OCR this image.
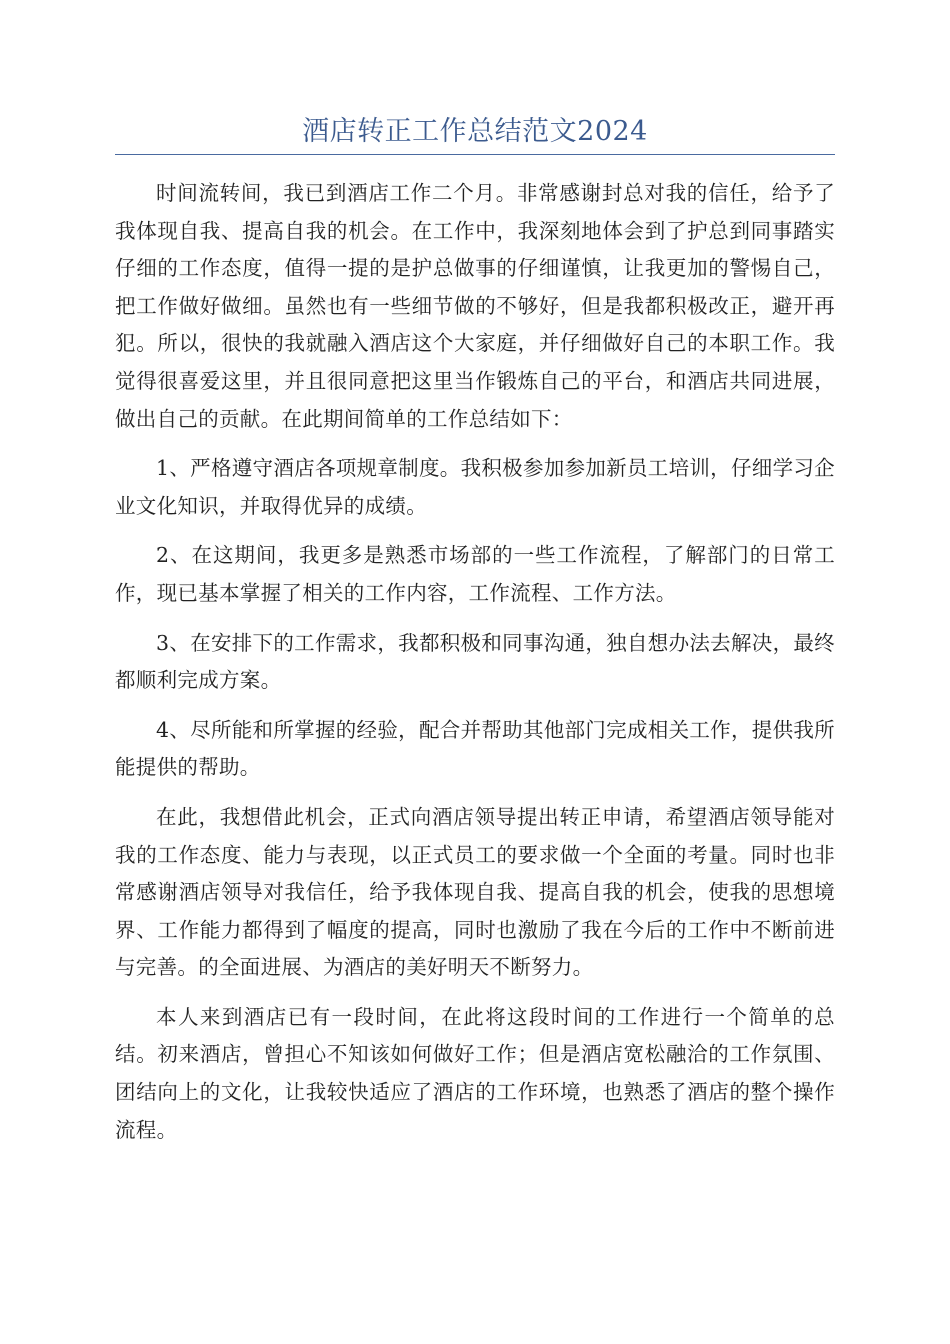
酒店转正工作总结范文2024

时间流转间，我已到酒店工作二个月。非常感谢封总对我的信任，给予了我体现自我、提高自我的机会。在工作中，我深刻地体会到了护总到同事踏实仔细的工作态度，值得一提的是护总做事的仔细谨慎，让我更加的警惕自己，把工作做好做细。虽然也有一些细节做的不够好，但是我都积极改正，避开再犯。所以，很快的我就融入酒店这个大家庭，并仔细做好自己的本职工作。我觉得很喜爱这里，并且很同意把这里当作锻炼自己的平台，和酒店共同进展，做出自己的贡献。在此期间简单的工作总结如下：

1、严格遵守酒店各项规章制度。我积极参加参加新员工培训，仔细学习企业文化知识，并取得优异的成绩。

2、在这期间，我更多是熟悉市场部的一些工作流程，了解部门的日常工作，现已基本掌握了相关的工作内容，工作流程、工作方法。

3、在安排下的工作需求，我都积极和同事沟通，独自想办法去解决，最终都顺利完成方案。

4、尽所能和所掌握的经验，配合并帮助其他部门完成相关工作，提供我所能提供的帮助。

在此，我想借此机会，正式向酒店领导提出转正申请，希望酒店领导能对我的工作态度、能力与表现，以正式员工的要求做一个全面的考量。同时也非常感谢酒店领导对我信任，给予我体现自我、提高自我的机会，使我的思想境界、工作能力都得到了幅度的提高，同时也激励了我在今后的工作中不断前进与完善。的全面进展、为酒店的美好明天不断努力。

本人来到酒店已有一段时间，在此将这段时间的工作进行一个简单的总结。初来酒店，曾担心不知该如何做好工作；但是酒店宽松融洽的工作氛围、团结向上的文化，让我较快适应了酒店的工作环境，也熟悉了酒店的整个操作流程。
